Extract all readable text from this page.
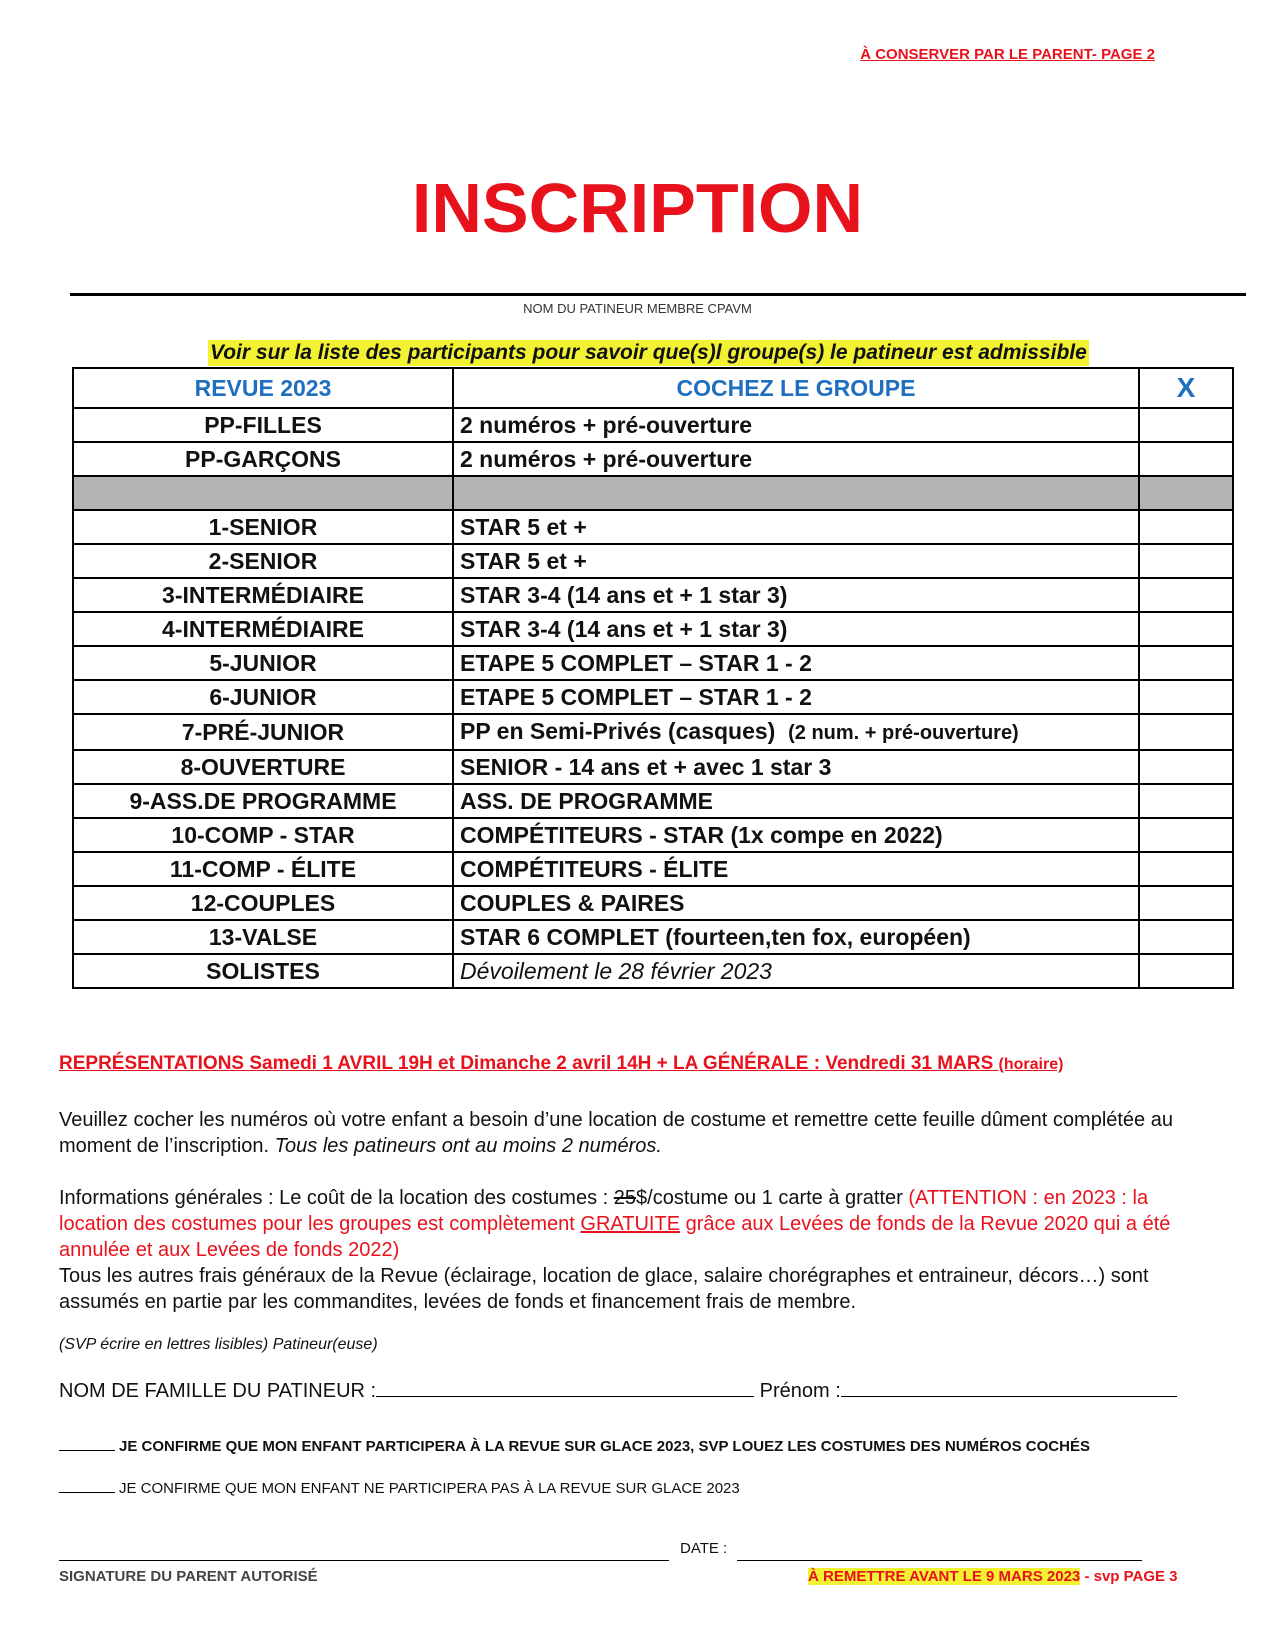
À CONSERVER PAR LE PARENT- PAGE 2
INSCRIPTION
NOM DU PATINEUR MEMBRE CPAVM
Voir sur la liste des participants pour savoir que(s)l groupe(s) le patineur est admissible
REVUE 2023	COCHEZ LE GROUPE	X
PP-FILLES	2 numéros + pré-ouverture	
PP-GARÇONS	2 numéros + pré-ouverture	

1-SENIOR	STAR 5 et +	
2-SENIOR	STAR 5 et +	
3-INTERMÉDIAIRE	STAR 3-4 (14 ans et + 1 star 3)	
4-INTERMÉDIAIRE	STAR 3-4 (14 ans et + 1 star 3)	
5-JUNIOR	ETAPE 5 COMPLET – STAR 1 - 2	
6-JUNIOR	ETAPE 5 COMPLET – STAR 1 - 2	
7-PRÉ-JUNIOR	PP en Semi-Privés (casques) (2 num. + pré-ouverture)	
8-OUVERTURE	SENIOR - 14 ans et + avec 1 star 3	
9-ASS.DE PROGRAMME	ASS. DE PROGRAMME	
10-COMP - STAR	COMPÉTITEURS - STAR (1x compe en 2022)	
11-COMP - ÉLITE	COMPÉTITEURS - ÉLITE	
12-COUPLES	COUPLES & PAIRES	
13-VALSE	STAR 6 COMPLET (fourteen,ten fox, européen)	
SOLISTES	Dévoilement le 28 février 2023	
REPRÉSENTATIONS Samedi 1 AVRIL 19H et Dimanche 2 avril 14H + LA GÉNÉRALE : Vendredi 31 MARS (horaire)
Veuillez cocher les numéros où votre enfant a besoin d’une location de costume et remettre cette feuille dûment complétée au moment de l’inscription. Tous les patineurs ont au moins 2 numéros.
Informations générales : Le coût de la location des costumes : 25$/costume ou 1 carte à gratter (ATTENTION : en 2023 : la location des costumes pour les groupes est complètement GRATUITE grâce aux Levées de fonds de la Revue 2020 qui a été annulée et aux Levées de fonds 2022)
Tous les autres frais généraux de la Revue (éclairage, location de glace, salaire chorégraphes et entraineur, décors…) sont assumés en partie par les commandites, levées de fonds et financement frais de membre.
(SVP écrire en lettres lisibles) Patineur(euse)
NOM DE FAMILLE DU PATINEUR :	Prénom :
JE CONFIRME QUE MON ENFANT PARTICIPERA À LA REVUE SUR GLACE 2023, SVP LOUEZ LES COSTUMES DES NUMÉROS COCHÉS
JE CONFIRME QUE MON ENFANT NE PARTICIPERA PAS À LA REVUE SUR GLACE 2023
DATE :
SIGNATURE DU PARENT AUTORISÉ	À REMETTRE AVANT LE 9 MARS 2023 - svp PAGE 3
